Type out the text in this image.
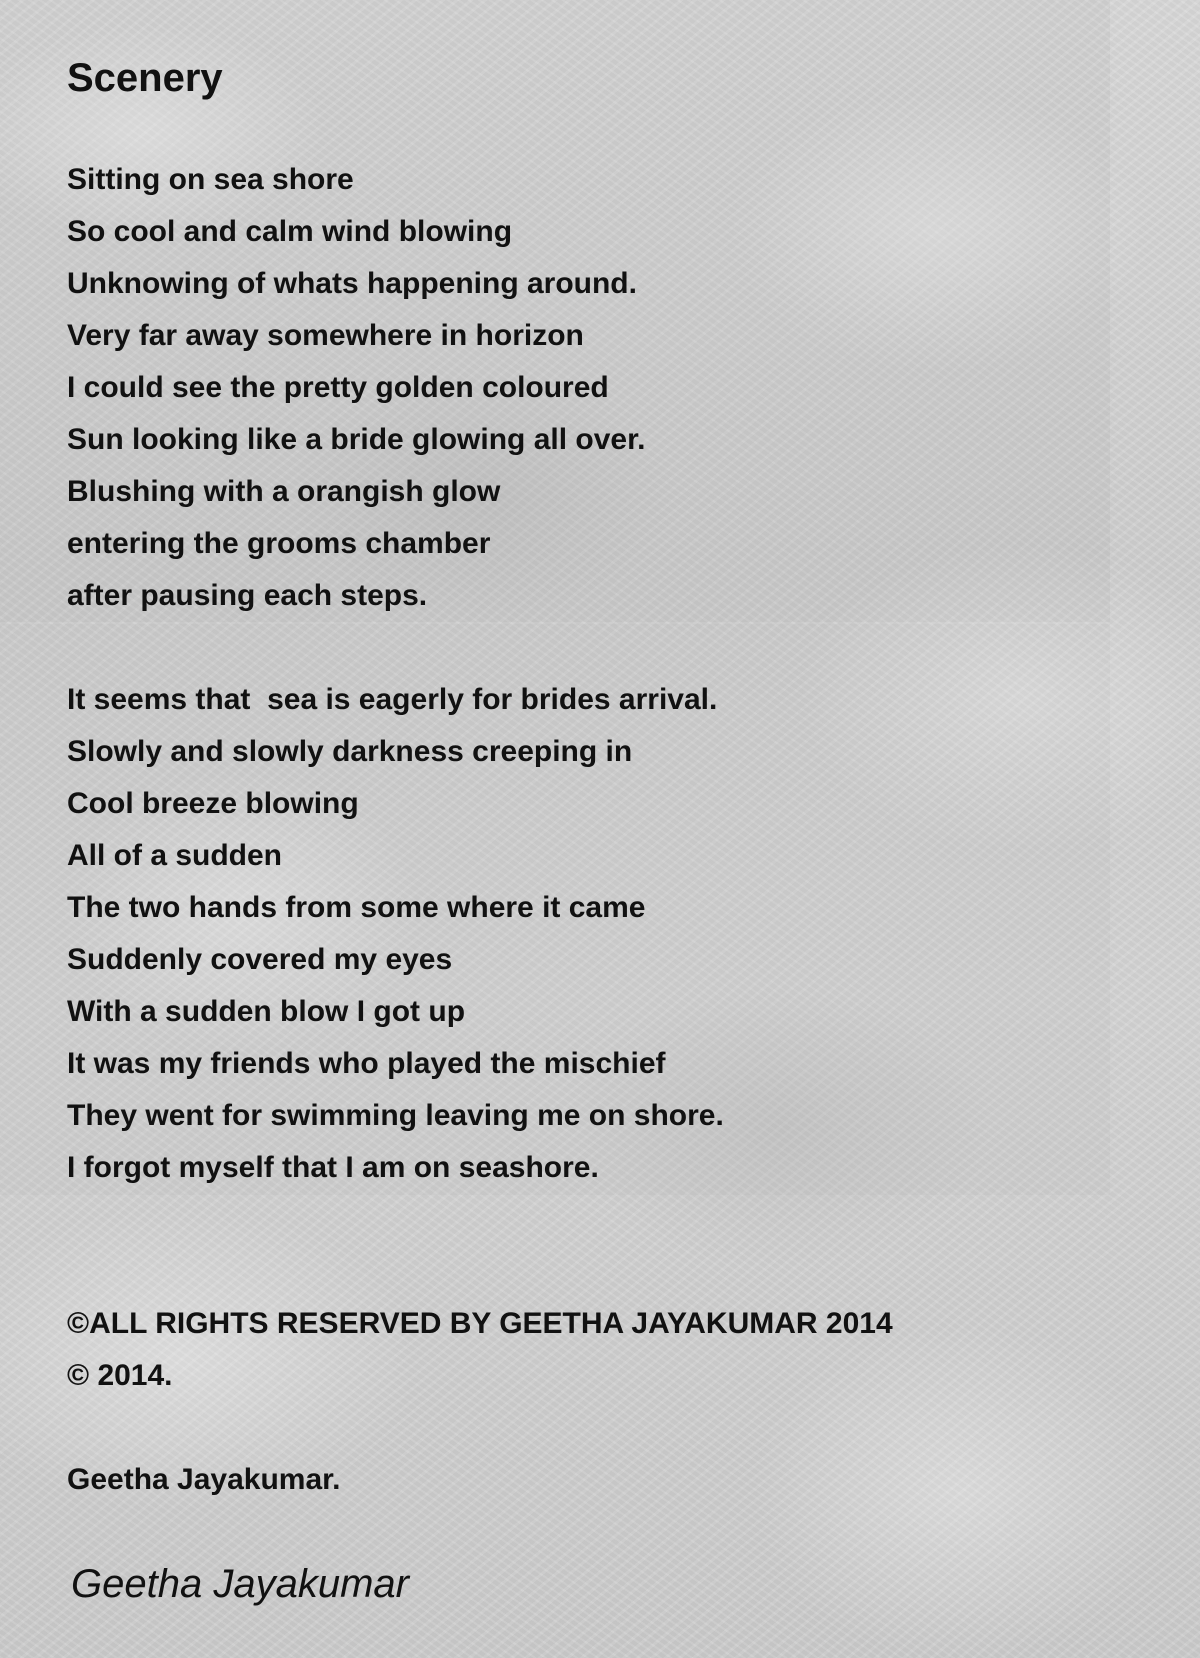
Scenery
Sitting on sea shore
So cool and calm wind blowing
Unknowing of whats happening around.
Very far away somewhere in horizon
I could see the pretty golden coloured
Sun looking like a bride glowing all over.
Blushing with a orangish glow
entering the grooms chamber
after pausing each steps.
It seems that  sea is eagerly for brides arrival.
Slowly and slowly darkness creeping in
Cool breeze blowing
All of a sudden
The two hands from some where it came
Suddenly covered my eyes
With a sudden blow I got up
It was my friends who played the mischief
They went for swimming leaving me on shore.
I forgot myself that I am on seashore.
©ALL RIGHTS RESERVED BY GEETHA JAYAKUMAR 2014
© 2014.
Geetha Jayakumar.
Geetha Jayakumar
